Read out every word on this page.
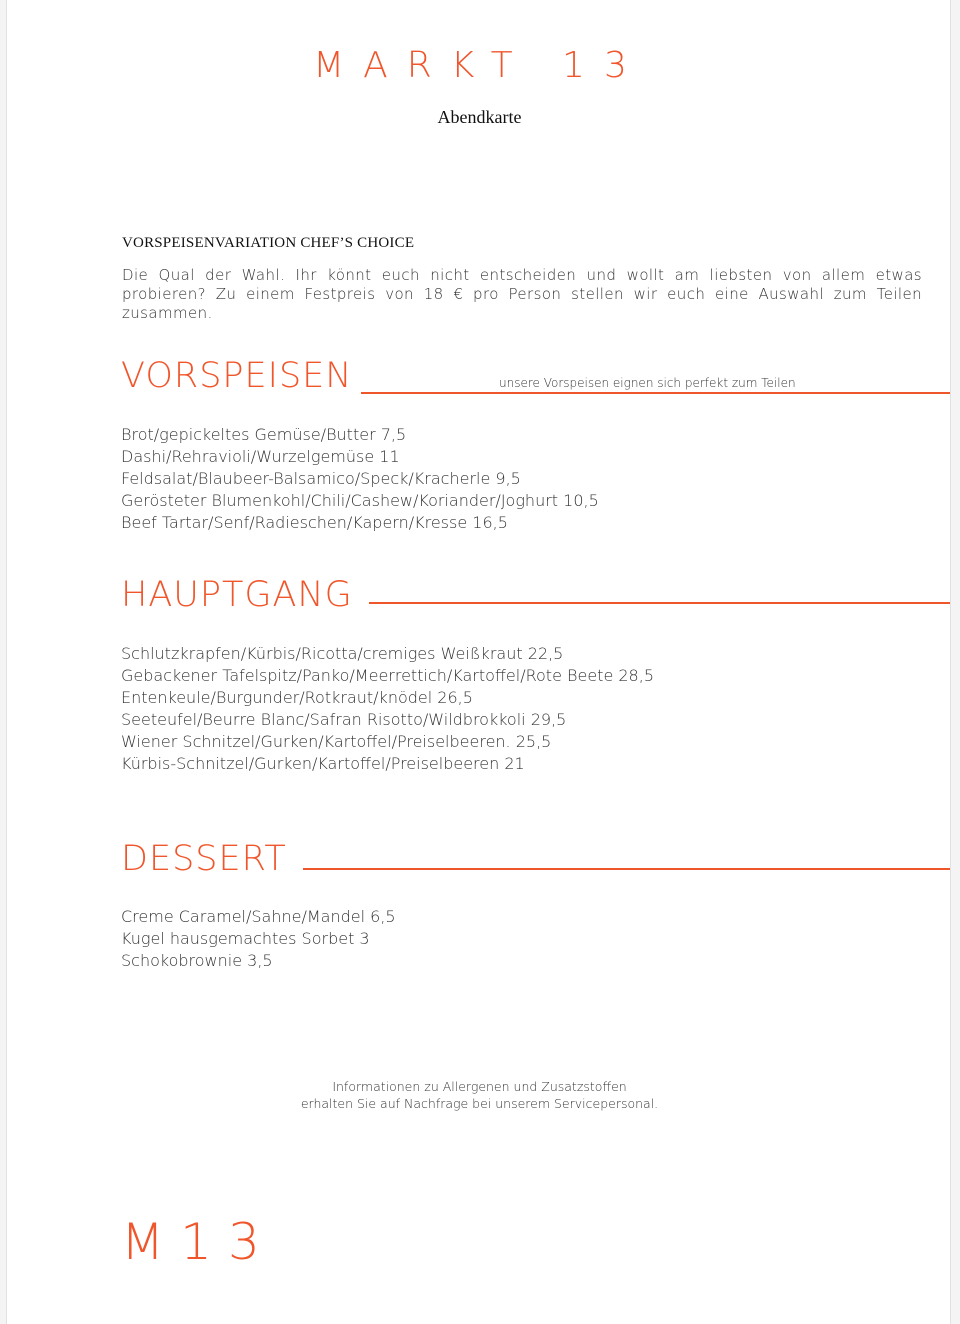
MARKT 13
Abendkarte
VORSPEISENVARIATION CHEF’S CHOICE

Die Qual der Wahl. Ihr könnt euch nicht entscheiden und wollt am liebsten von allem etwas probieren? Zu einem Festpreis von 18 € pro Person stellen wir euch eine Auswahl zum Teilen zusammen.

VORSPEISEN	unsere Vorspeisen eignen sich perfekt zum Teilen
Brot/gepickeltes Gemüse/Butter 7,5
Dashi/Rehravioli/Wurzelgemüse 11
Feldsalat/Blaubeer-Balsamico/Speck/Kracherle 9,5
Gerösteter Blumenkohl/Chili/Cashew/Koriander/Joghurt 10,5
Beef Tartar/Senf/Radieschen/Kapern/Kresse 16,5
HAUPTGANG
Schlutzkrapfen/Kürbis/Ricotta/cremiges Weißkraut 22,5
Gebackener Tafelspitz/Panko/Meerrettich/Kartoffel/Rote Beete 28,5
Entenkeule/Burgunder/Rotkraut/knödel 26,5
Seeteufel/Beurre Blanc/Safran Risotto/Wildbrokkoli 29,5
Wiener Schnitzel/Gurken/Kartoffel/Preiselbeeren. 25,5
Kürbis-Schnitzel/Gurken/Kartoffel/Preiselbeeren 21
DESSERT
Creme Caramel/Sahne/Mandel 6,5
Kugel hausgemachtes Sorbet 3
Schokobrownie 3,5
Informationen zu Allergenen und Zusatzstoffen
erhalten Sie auf Nachfrage bei unserem Servicepersonal.
M13
